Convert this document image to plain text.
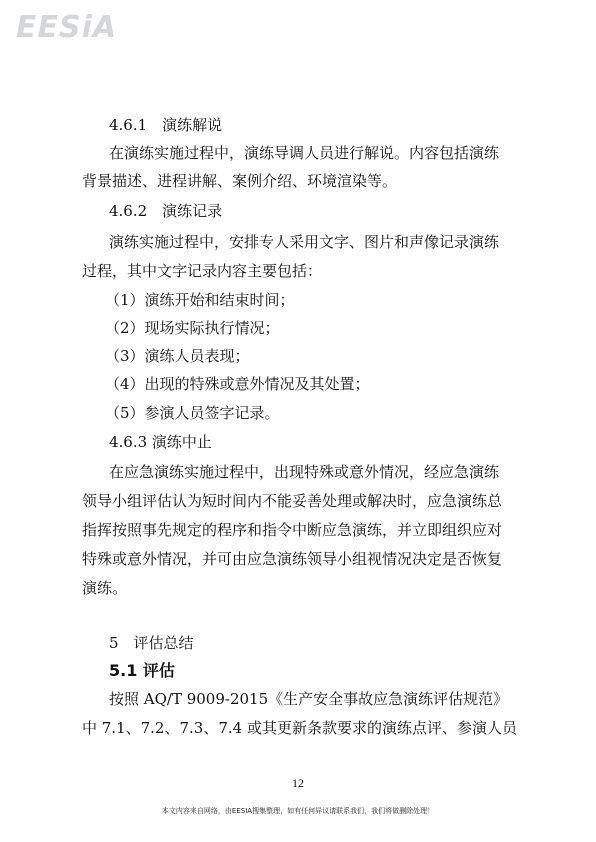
EESiA
4.6.1　演练解说
在演练实施过程中，演练导调人员进行解说。内容包括演练
背景描述、进程讲解、案例介绍、环境渲染等。
4.6.2　演练记录
演练实施过程中，安排专人采用文字、图片和声像记录演练
过程，其中文字记录内容主要包括：
（1）演练开始和结束时间；
（2）现场实际执行情况；
（3）演练人员表现；
（4）出现的特殊或意外情况及其处置；
（5）参演人员签字记录。
4.6.3 演练中止
在应急演练实施过程中，出现特殊或意外情况，经应急演练
领导小组评估认为短时间内不能妥善处理或解决时，应急演练总
指挥按照事先规定的程序和指令中断应急演练，并立即组织应对
特殊或意外情况，并可由应急演练领导小组视情况决定是否恢复
演练。
5　评估总结
5.1 评估
按照 AQ/T 9009-2015《生产安全事故应急演练评估规范》
中 7.1、7.2、7.3、7.4 或其更新条款要求的演练点评、参演人员
12
本文内容来自网络，由EESIA搜集整理，如有任何异议请联系我们，我们将做删除处理！
